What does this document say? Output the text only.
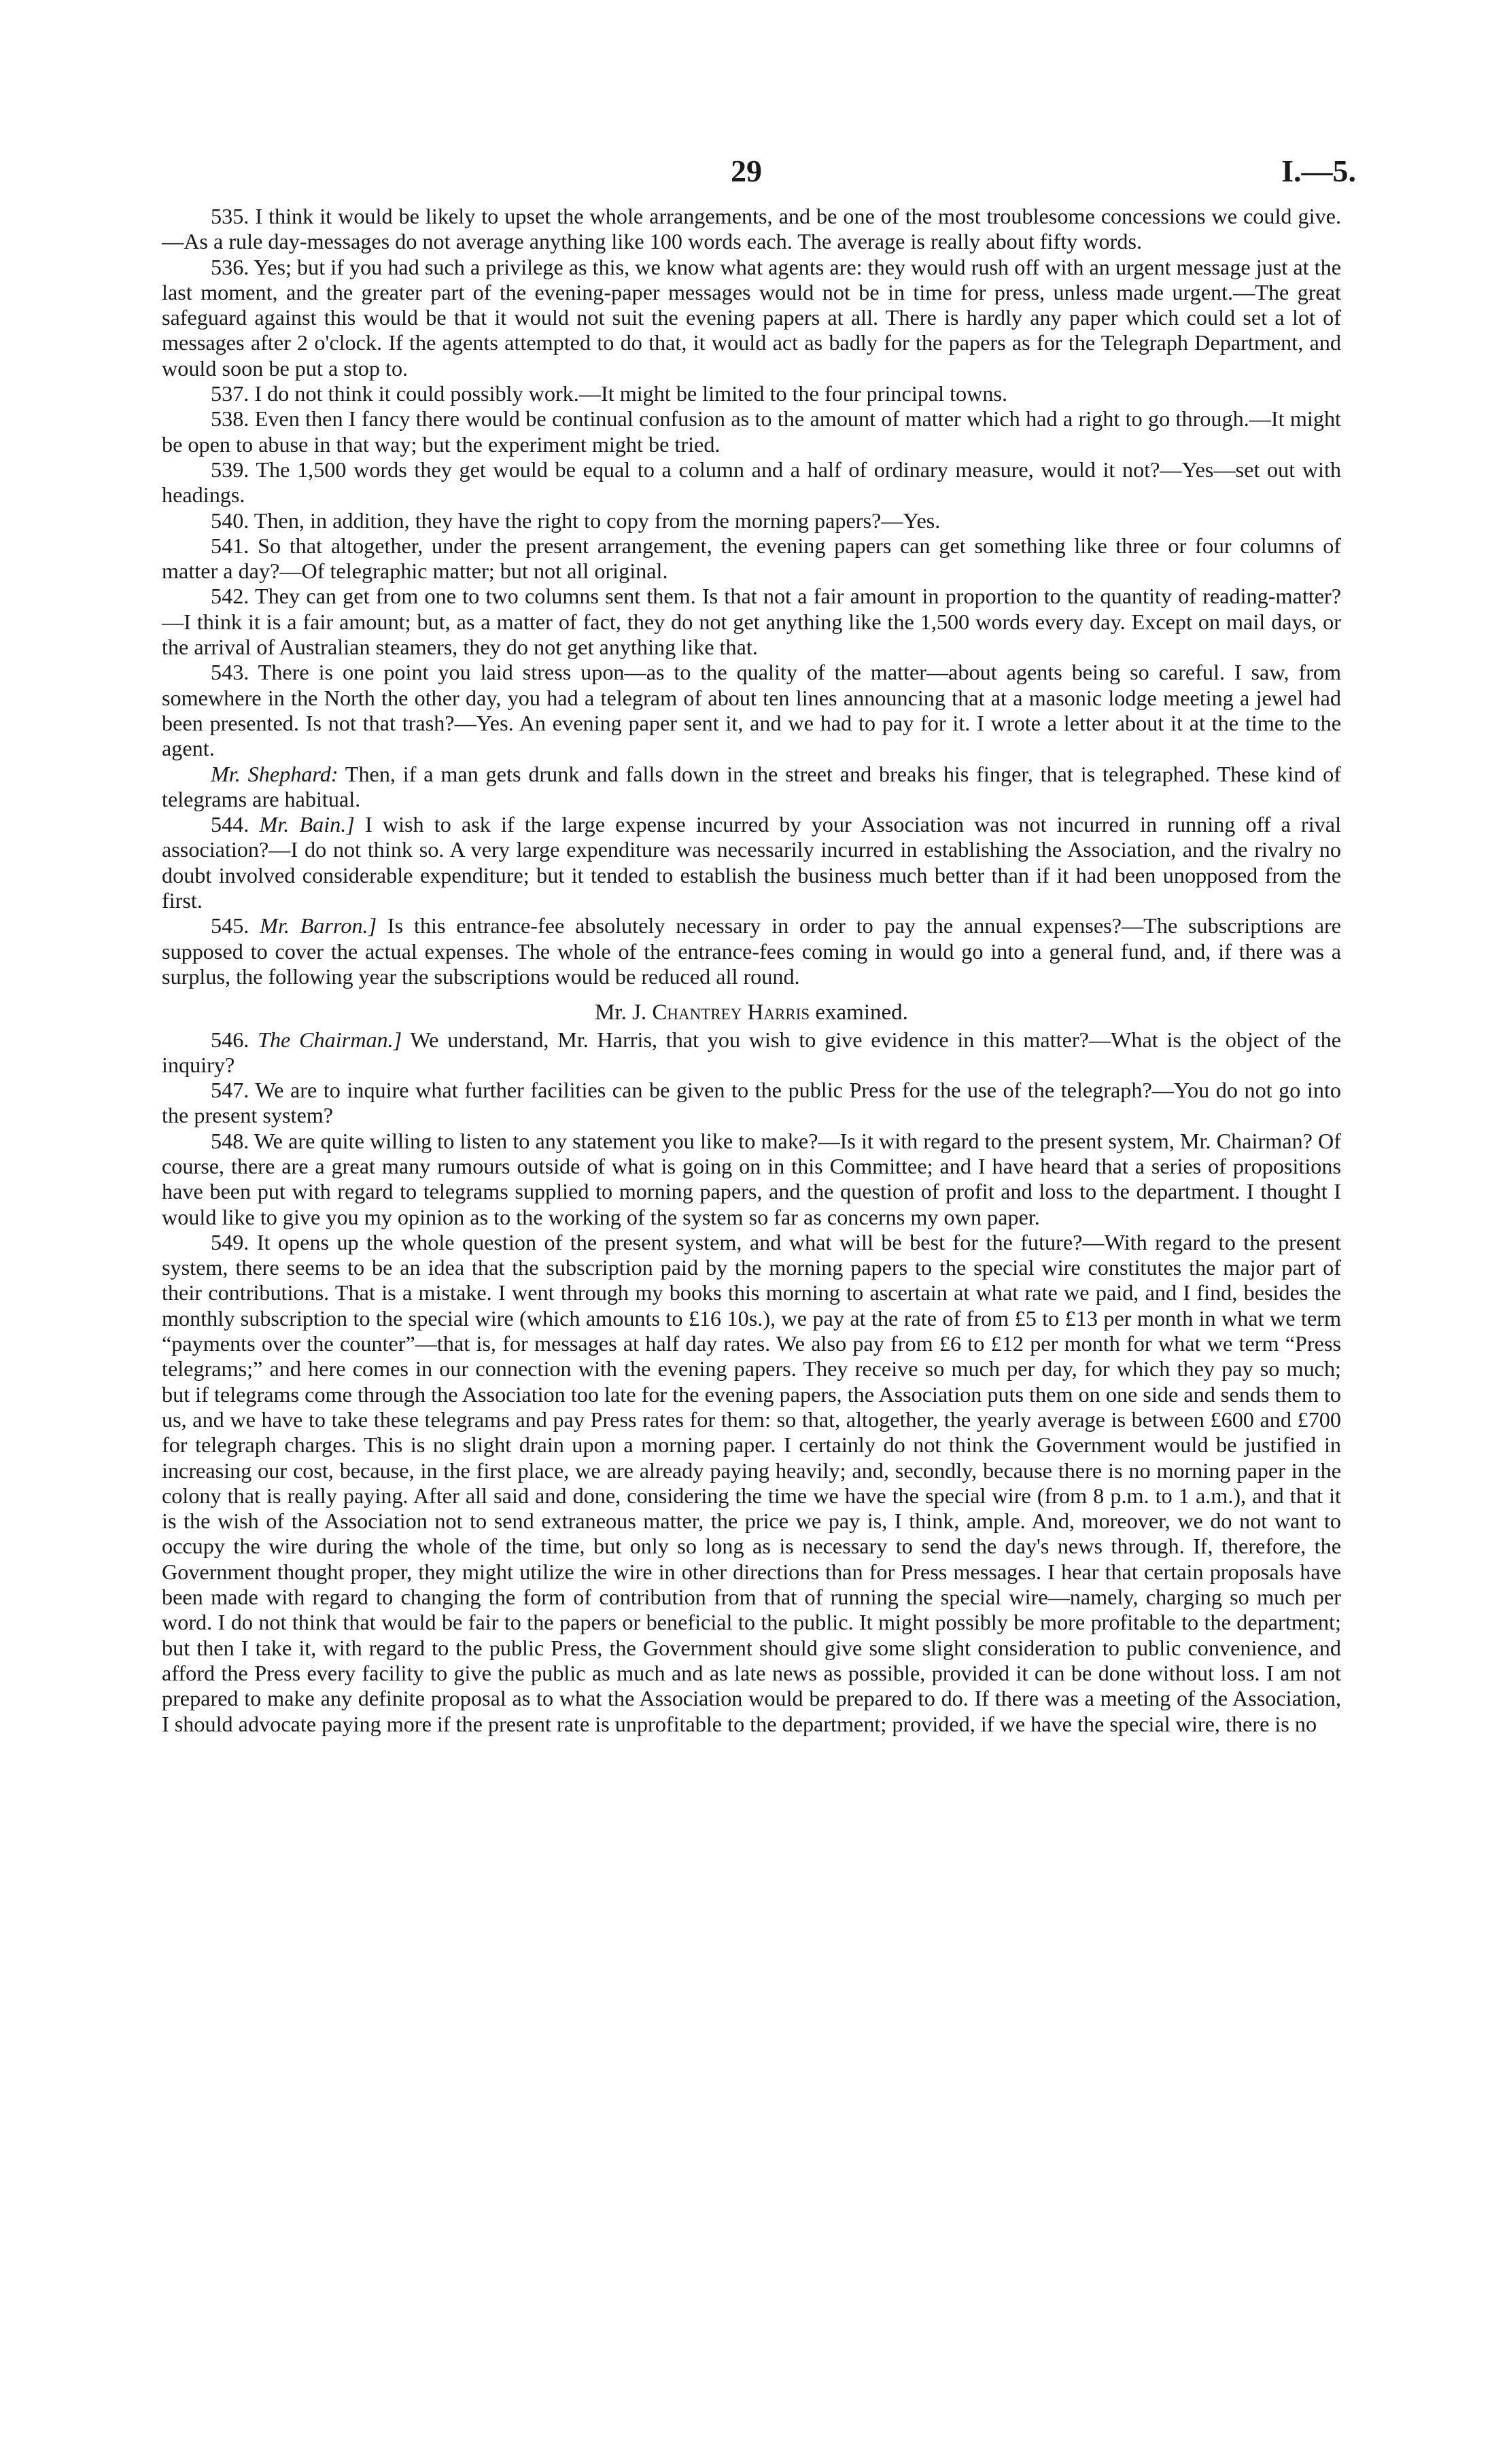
29	I.—5.

535. I think it would be likely to upset the whole arrangements, and be one of the most troublesome concessions we could give.—As a rule day-messages do not average anything like 100 words each. The average is really about fifty words.

536. Yes; but if you had such a privilege as this, we know what agents are: they would rush off with an urgent message just at the last moment, and the greater part of the evening-paper messages would not be in time for press, unless made urgent.—The great safeguard against this would be that it would not suit the evening papers at all. There is hardly any paper which could set a lot of messages after 2 o'clock. If the agents attempted to do that, it would act as badly for the papers as for the Telegraph Department, and would soon be put a stop to.

537. I do not think it could possibly work.—It might be limited to the four principal towns.

538. Even then I fancy there would be continual confusion as to the amount of matter which had a right to go through.—It might be open to abuse in that way; but the experiment might be tried.

539. The 1,500 words they get would be equal to a column and a half of ordinary measure, would it not?—Yes—set out with headings.

540. Then, in addition, they have the right to copy from the morning papers?—Yes.

541. So that altogether, under the present arrangement, the evening papers can get something like three or four columns of matter a day?—Of telegraphic matter; but not all original.

542. They can get from one to two columns sent them. Is that not a fair amount in proportion to the quantity of reading-matter?—I think it is a fair amount; but, as a matter of fact, they do not get anything like the 1,500 words every day. Except on mail days, or the arrival of Australian steamers, they do not get anything like that.

543. There is one point you laid stress upon—as to the quality of the matter—about agents being so careful. I saw, from somewhere in the North the other day, you had a telegram of about ten lines announcing that at a masonic lodge meeting a jewel had been presented. Is not that trash?—Yes. An evening paper sent it, and we had to pay for it. I wrote a letter about it at the time to the agent.

Mr. Shephard: Then, if a man gets drunk and falls down in the street and breaks his finger, that is telegraphed. These kind of telegrams are habitual.

544. Mr. Bain.] I wish to ask if the large expense incurred by your Association was not incurred in running off a rival association?—I do not think so. A very large expenditure was necessarily incurred in establishing the Association, and the rivalry no doubt involved considerable expenditure; but it tended to establish the business much better than if it had been unopposed from the first.

545. Mr. Barron.] Is this entrance-fee absolutely necessary in order to pay the annual expenses?—The subscriptions are supposed to cover the actual expenses. The whole of the entrance-fees coming in would go into a general fund, and, if there was a surplus, the following year the subscriptions would be reduced all round.

Mr. J. Chantrey Harris examined.

546. The Chairman.] We understand, Mr. Harris, that you wish to give evidence in this matter?—What is the object of the inquiry?

547. We are to inquire what further facilities can be given to the public Press for the use of the telegraph?—You do not go into the present system?

548. We are quite willing to listen to any statement you like to make?—Is it with regard to the present system, Mr. Chairman? Of course, there are a great many rumours outside of what is going on in this Committee; and I have heard that a series of propositions have been put with regard to telegrams supplied to morning papers, and the question of profit and loss to the department. I thought I would like to give you my opinion as to the working of the system so far as concerns my own paper.

549. It opens up the whole question of the present system, and what will be best for the future?—With regard to the present system, there seems to be an idea that the subscription paid by the morning papers to the special wire constitutes the major part of their contributions. That is a mistake. I went through my books this morning to ascertain at what rate we paid, and I find, besides the monthly subscription to the special wire (which amounts to £16 10s.), we pay at the rate of from £5 to £13 per month in what we term “payments over the counter”—that is, for messages at half day rates. We also pay from £6 to £12 per month for what we term “Press telegrams;” and here comes in our connection with the evening papers. They receive so much per day, for which they pay so much; but if telegrams come through the Association too late for the evening papers, the Association puts them on one side and sends them to us, and we have to take these telegrams and pay Press rates for them: so that, altogether, the yearly average is between £600 and £700 for telegraph charges. This is no slight drain upon a morning paper. I certainly do not think the Government would be justified in increasing our cost, because, in the first place, we are already paying heavily; and, secondly, because there is no morning paper in the colony that is really paying. After all said and done, considering the time we have the special wire (from 8 p.m. to 1 a.m.), and that it is the wish of the Association not to send extraneous matter, the price we pay is, I think, ample. And, moreover, we do not want to occupy the wire during the whole of the time, but only so long as is necessary to send the day's news through. If, therefore, the Government thought proper, they might utilize the wire in other directions than for Press messages. I hear that certain proposals have been made with regard to changing the form of contribution from that of running the special wire—namely, charging so much per word. I do not think that would be fair to the papers or beneficial to the public. It might possibly be more profitable to the department; but then I take it, with regard to the public Press, the Government should give some slight consideration to public convenience, and afford the Press every facility to give the public as much and as late news as possible, provided it can be done without loss. I am not prepared to make any definite proposal as to what the Association would be prepared to do. If there was a meeting of the Association, I should advocate paying more if the present rate is unprofitable to the department; provided, if we have the special wire, there is no
